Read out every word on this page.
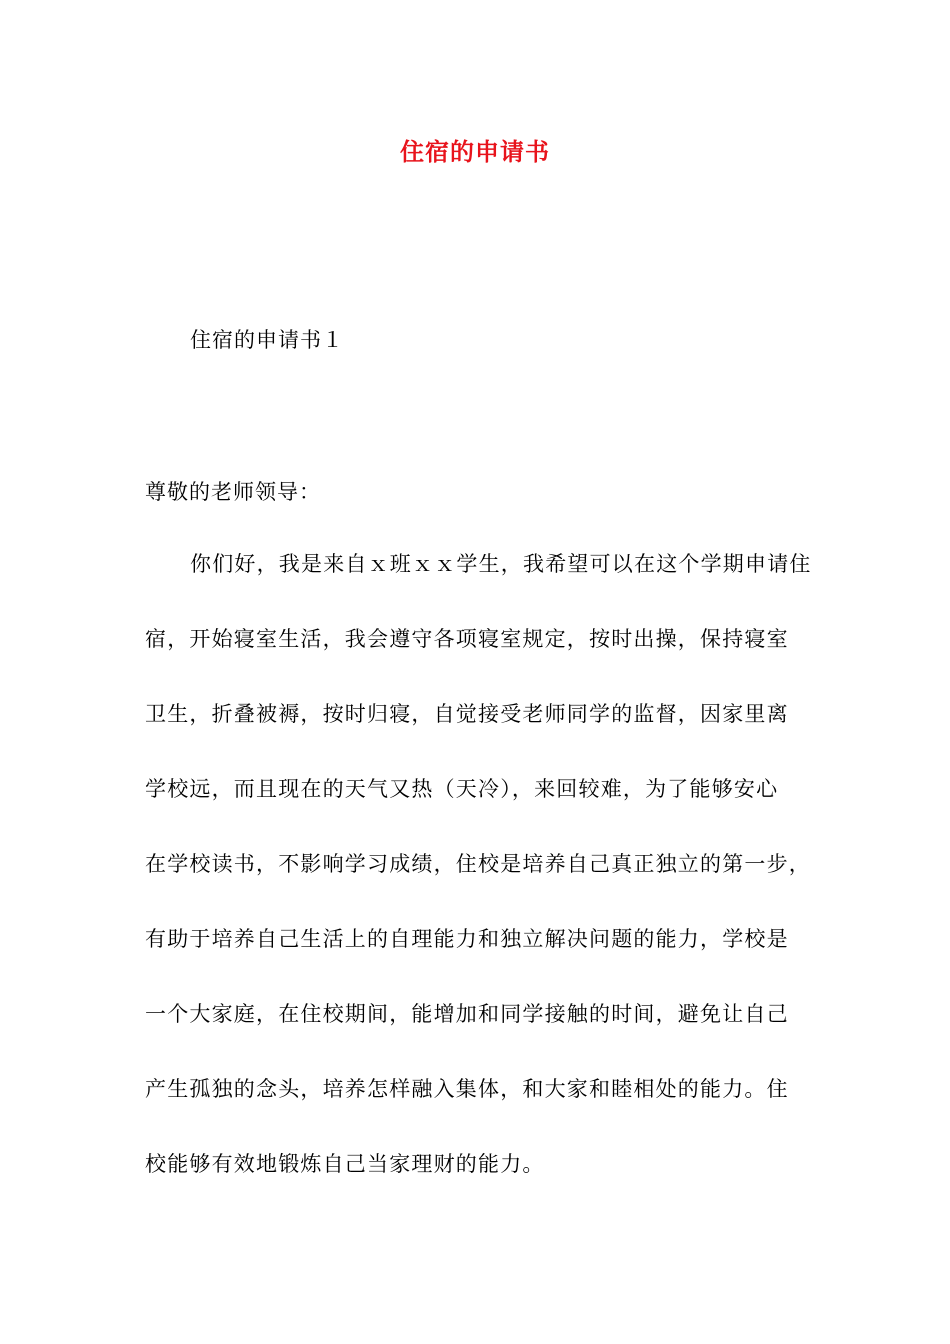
住宿的申请书
住宿的申请书１
尊敬的老师领导：
你们好，我是来自ｘ班ｘｘ学生，我希望可以在这个学期申请住
宿，开始寝室生活，我会遵守各项寝室规定，按时出操，保持寝室
卫生，折叠被褥，按时归寝，自觉接受老师同学的监督，因家里离
学校远，而且现在的天气又热（天冷），来回较难，为了能够安心
在学校读书，不影响学习成绩，住校是培养自己真正独立的第一步，
有助于培养自己生活上的自理能力和独立解决问题的能力，学校是
一个大家庭，在住校期间，能增加和同学接触的时间，避免让自己
产生孤独的念头，培养怎样融入集体，和大家和睦相处的能力。住
校能够有效地锻炼自己当家理财的能力。
